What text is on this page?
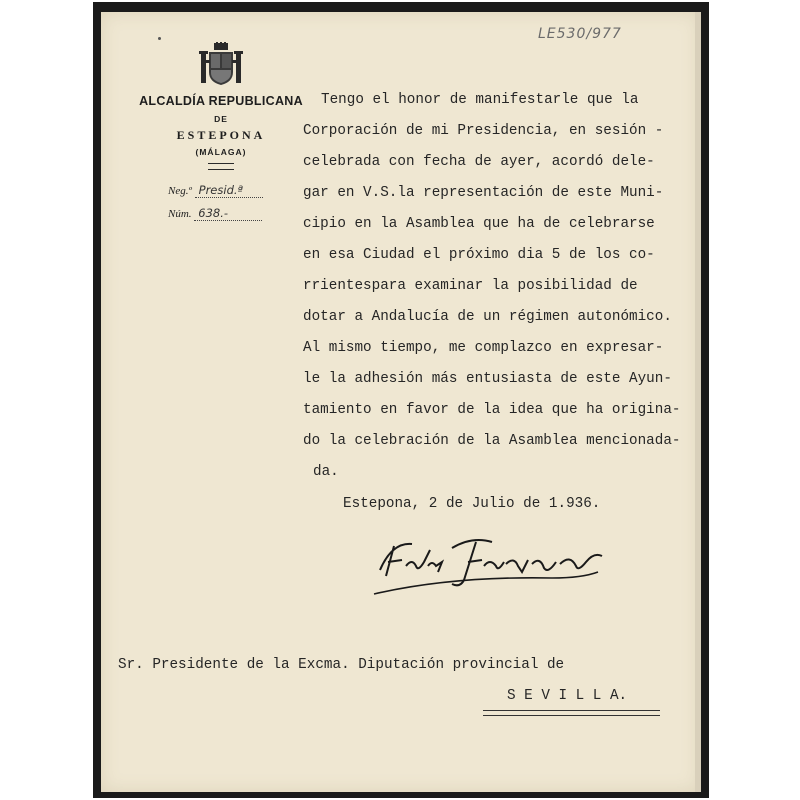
LE530/977
ALCALDÍA REPUBLICANA
DE
ESTEPONA
(MÁLAGA)
Neg.º Presid.ª
Núm. 638.-
Tengo el honor de manifestarle que la
Corporación de mi Presidencia, en sesión -
celebrada con fecha de ayer, acordó dele-
gar en V.S.la representación de este Muni-
cipio en la Asamblea que ha de celebrarse
en esa Ciudad el próximo dia 5 de los co-
rrientespara examinar la posibilidad de
dotar a Andalucía de un régimen autonómico.
Al mismo tiempo, me complazco en expresar-
le la adhesión más entusiasta de este Ayun-
tamiento en favor de la idea que ha origina-
do la celebración de la Asamblea mencionada-
da.
Estepona, 2 de Julio de 1.936.
Sr. Presidente de la Excma. Diputación provincial de
S E V I L L A.
